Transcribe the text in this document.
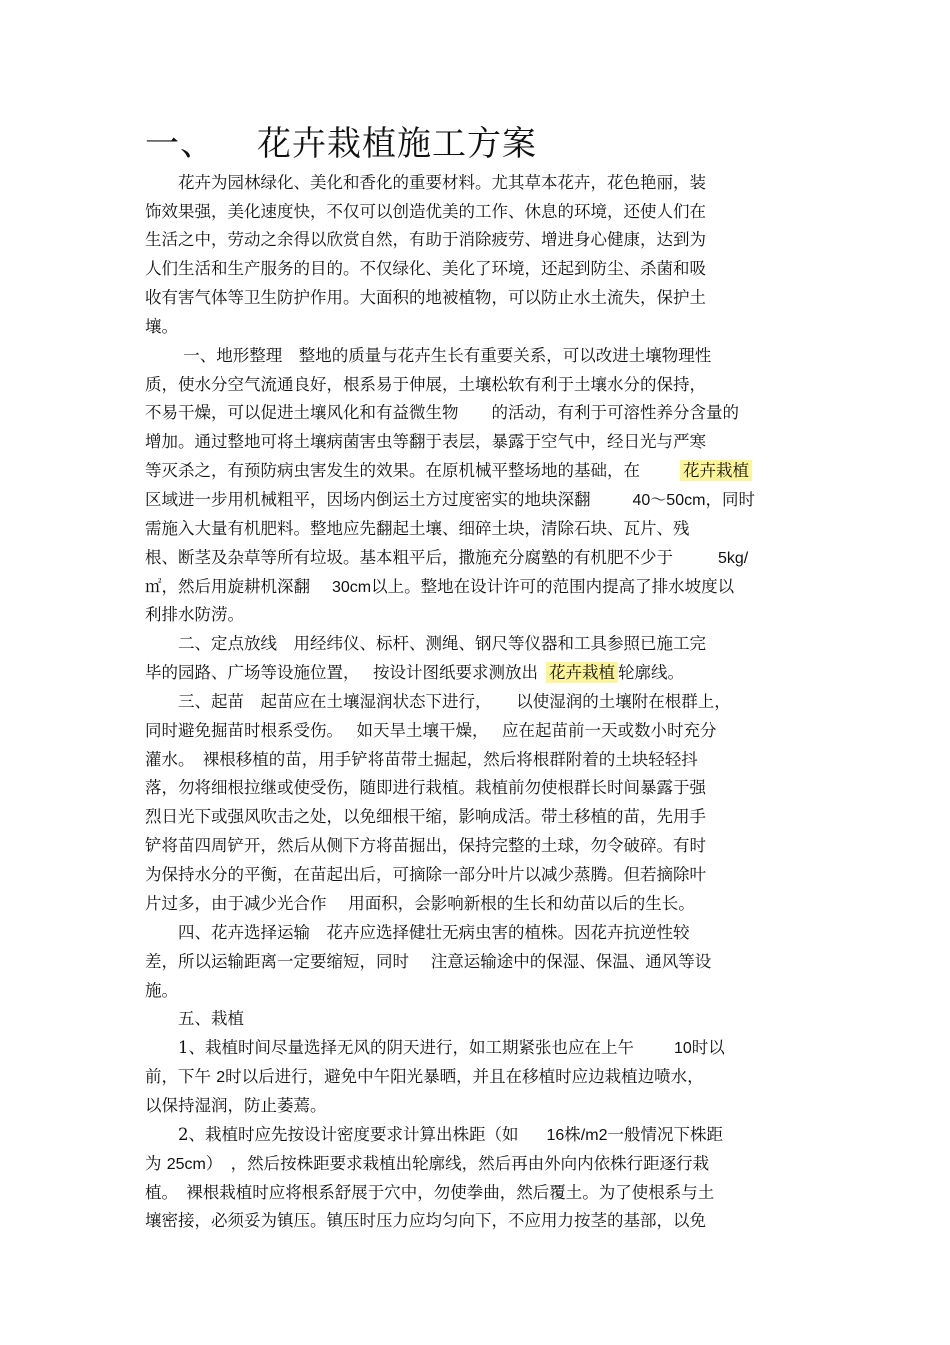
一、 花卉栽植施工方案
　　花卉为园林绿化、美化和香化的重要材料。尤其草本花卉，花色艳丽，装
饰效果强，美化速度快，不仅可以创造优美的工作、休息的环境，还使人们在
生活之中，劳动之余得以欣赏自然，有助于消除疲劳、增进身心健康，达到为
人们生活和生产服务的目的。不仅绿化、美化了环境，还起到防尘、杀菌和吸
收有害气体等卫生防护作用。大面积的地被植物，可以防止水土流失，保护土
壤。
　　 一、地形整理　整地的质量与花卉生长有重要关系，可以改进土壤物理性
质，使水分空气流通良好，根系易于伸展，土壤松软有利于土壤水分的保持，
不易干燥，可以促进土壤风化和有益微生物　　的活动，有利于可溶性养分含量的
增加。通过整地可将土壤病菌害虫等翻于表层，暴露于空气中，经日光与严寒
等灭杀之，有预防病虫害发生的效果。在原机械平整场地的基础，在	花卉栽植
区域进一步用机械粗平，因场内倒运土方过度密实的地块深翻	40～50cm，同时
需施入大量有机肥料。整地应先翻起土壤、细碎土块，清除石块、瓦片、残
根、断茎及杂草等所有垃圾。基本粗平后，撒施充分腐塾的有机肥不少于	5kg/
㎡，然后用旋耕机深翻 30cm以上。整地在设计许可的范围内提高了排水坡度以
利排水防涝。
　　二、定点放线　用经纬仪、标杆、测绳、钢尺等仪器和工具参照已施工完
毕的园路、广场等设施位置，　 按设计图纸要求测放出 花卉栽植 轮廓线。
　　三、起苗　起苗应在土壤湿润状态下进行，　　以使湿润的土壤附在根群上，
同时避免掘苗时根系受伤。　 如天旱土壤干燥，　 应在起苗前一天或数小时充分
灌水。　裸根移植的苗，用手铲将苗带土掘起，然后将根群附着的土块轻轻抖
落，勿将细根拉继或使受伤，随即进行栽植。栽植前勿使根群长时间暴露于强
烈日光下或强风吹击之处，以免细根干缩，影响成活。带土移植的苗，先用手
铲将苗四周铲开，然后从侧下方将苗掘出，保持完整的土球，勿令破碎。有时
为保持水分的平衡，在苗起出后，可摘除一部分叶片以减少蒸腾。但若摘除叶
片过多，由于减少光合作　 用面积，会影响新根的生长和幼苗以后的生长。
　　四、花卉选择运输　花卉应选择健壮无病虫害的植株。因花卉抗逆性较
差，所以运输距离一定要缩短，同时　 注意运输途中的保湿、保温、通风等设
施。
　　五、栽植
　　1、栽植时间尽量选择无风的阴天进行，如工期紧张也应在上午	10时以
前，下午 2时以后进行，避免中午阳光暴晒，并且在移植时应边栽植边喷水，
以保持湿润，防止萎蔫。
　　2、栽植时应先按设计密度要求计算出株距（如 16株/m2一般情况下株距
为 25cm）　，然后按株距要求栽植出轮廓线，然后再由外向内依株行距逐行栽
植。　裸根栽植时应将根系舒展于穴中，勿使拳曲，然后覆土。为了使根系与土
壤密接，必须妥为镇压。镇压时压力应均匀向下，不应用力按茎的基部，以免
